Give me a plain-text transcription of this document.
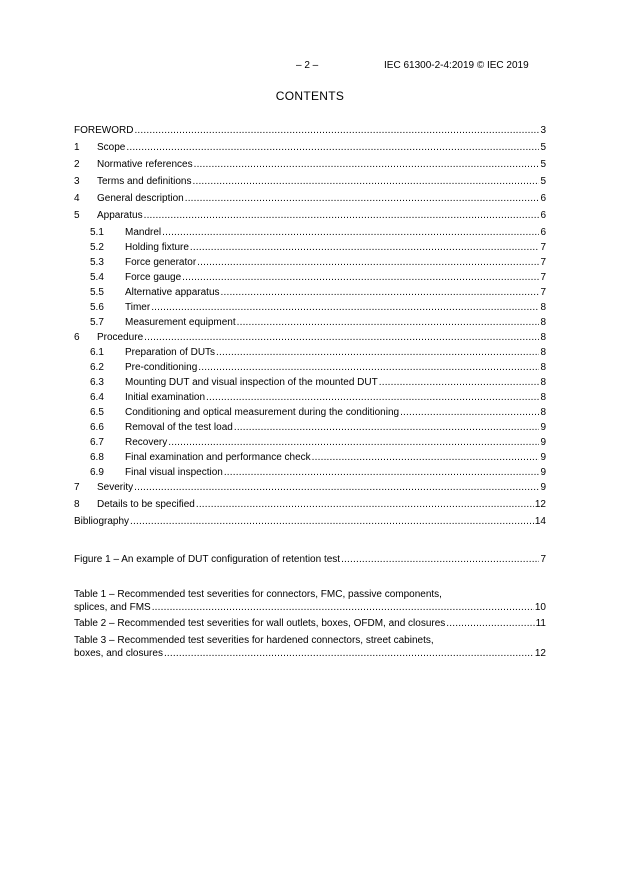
– 2 –	IEC 61300-2-4:2019 © IEC 2019
CONTENTS
FOREWORD .....	3
1 Scope .....	5
2 Normative references .....	5
3 Terms and definitions .....	5
4 General description .....	6
5 Apparatus .....	6
5.1 Mandrel .....	6
5.2 Holding fixture .....	7
5.3 Force generator .....	7
5.4 Force gauge .....	7
5.5 Alternative apparatus .....	7
5.6 Timer .....	8
5.7 Measurement equipment .....	8
6 Procedure .....	8
6.1 Preparation of DUTs .....	8
6.2 Pre-conditioning .....	8
6.3 Mounting DUT and visual inspection of the mounted DUT .....	8
6.4 Initial examination .....	8
6.5 Conditioning and optical measurement during the conditioning .....	8
6.6 Removal of the test load .....	9
6.7 Recovery .....	9
6.8 Final examination and performance check .....	9
6.9 Final visual inspection .....	9
7 Severity .....	9
8 Details to be specified .....	12
Bibliography .....	14
Figure 1 – An example of DUT configuration of retention test .....	7
Table 1 – Recommended test severities for connectors, FMC, passive components,
splices, and FMS .....	10
Table 2 – Recommended test severities for wall outlets, boxes, OFDM, and closures .....	11
Table 3 – Recommended test severities for hardened connectors, street cabinets,
boxes, and closures .....	12
